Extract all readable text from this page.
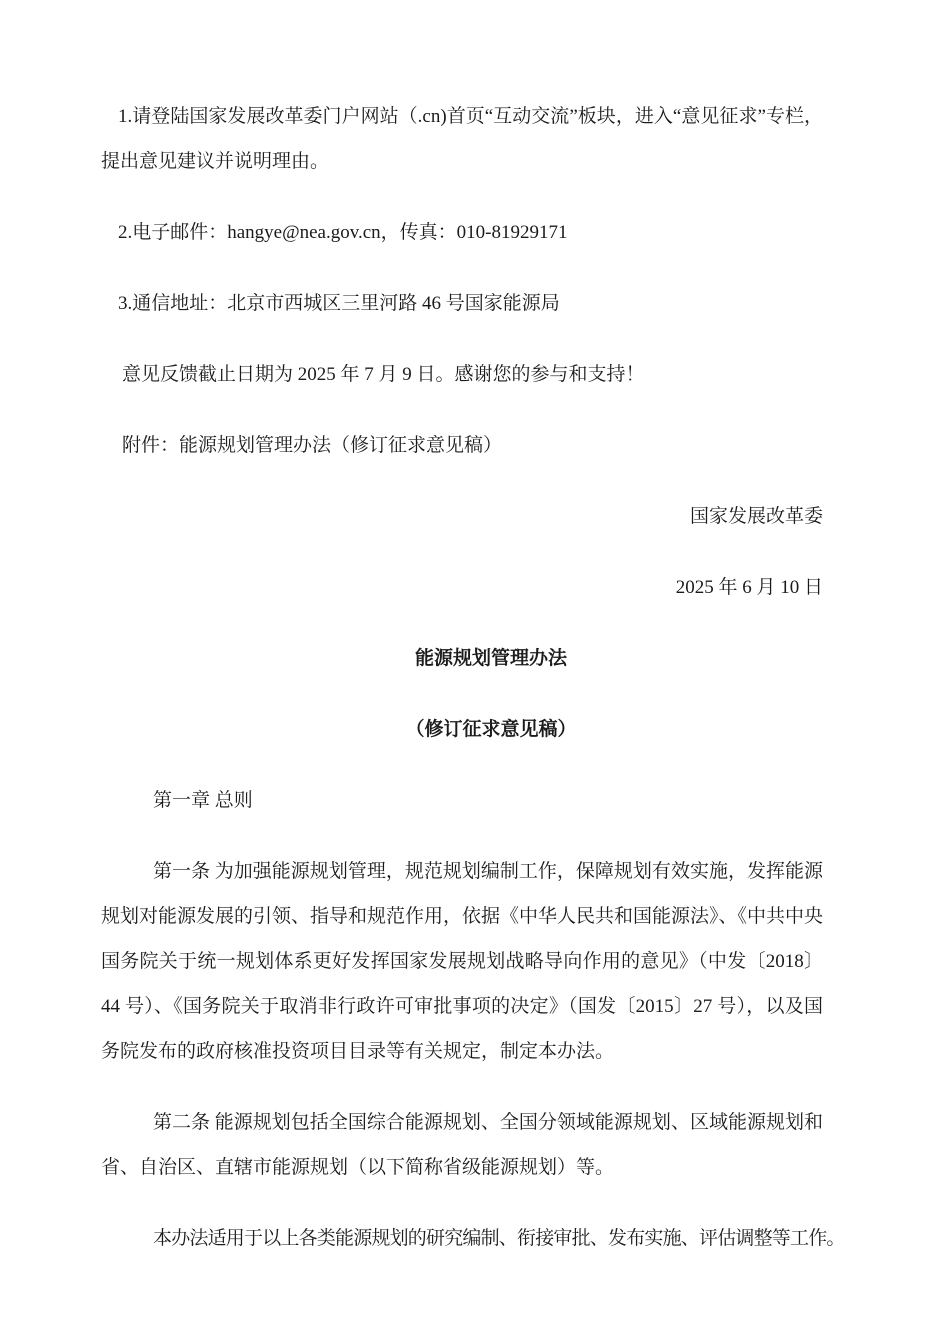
1.请登陆国家发展改革委门户网站（.cn)首页“互动交流”板块，进入“意见征求”专栏，提出意见建议并说明理由。

2.电子邮件：hangye@nea.gov.cn，传真：010-81929171

3.通信地址：北京市西城区三里河路 46 号国家能源局

意见反馈截止日期为 2025 年 7 月 9 日。感谢您的参与和支持！

附件：能源规划管理办法（修订征求意见稿）

国家发展改革委

2025 年 6 月 10 日

能源规划管理办法

（修订征求意见稿）

第一章 总则

第一条 为加强能源规划管理，规范规划编制工作，保障规划有效实施，发挥能源规划对能源发展的引领、指导和规范作用，依据《中华人民共和国能源法》、《中共中央 国务院关于统一规划体系更好发挥国家发展规划战略导向作用的意见》（中发〔2018〕44 号）、《国务院关于取消非行政许可审批事项的决定》（国发〔2015〕27 号），以及国务院发布的政府核准投资项目目录等有关规定，制定本办法。

第二条 能源规划包括全国综合能源规划、全国分领域能源规划、区域能源规划和省、自治区、直辖市能源规划（以下简称省级能源规划）等。

本办法适用于以上各类能源规划的研究编制、衔接审批、发布实施、评估调整等工作。
